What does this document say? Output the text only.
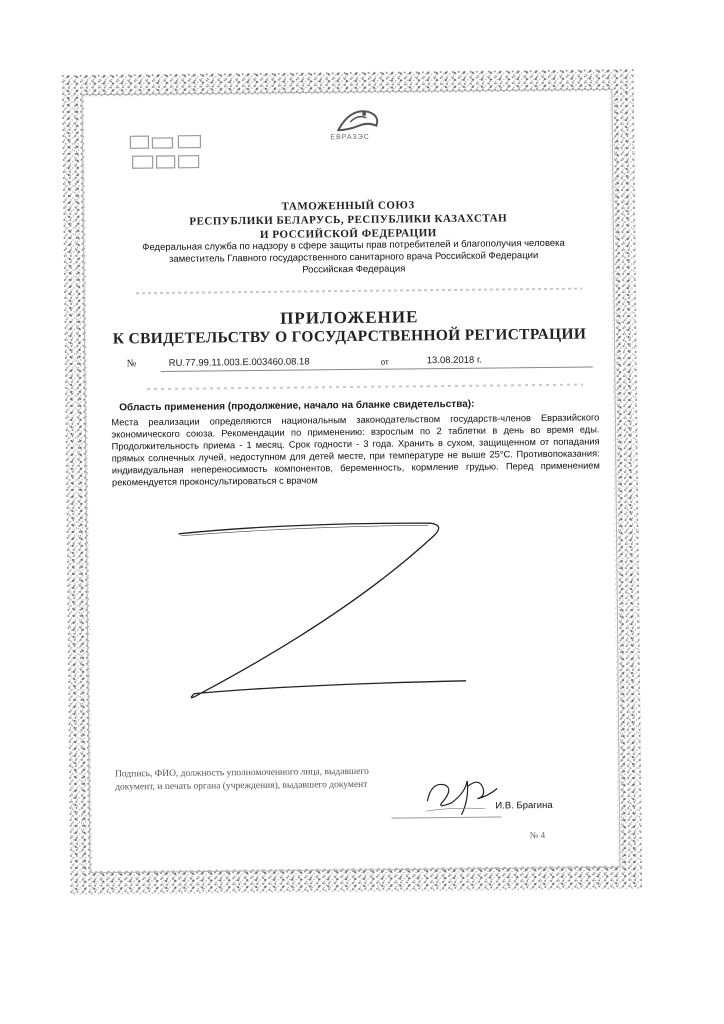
ЕВРАЗЭС
ТАМОЖЕННЫЙ СОЮЗ
РЕСПУБЛИКИ БЕЛАРУСЬ, РЕСПУБЛИКИ КАЗАХСТАН
И РОССИЙСКОЙ ФЕДЕРАЦИИ
Федеральная служба по надзору в сфере защиты прав потребителей и благополучия человека
заместитель Главного государственного санитарного врача Российской Федерации
Российская Федерация
ПРИЛОЖЕНИЕ
К СВИДЕТЕЛЬСТВУ О ГОСУДАРСТВЕННОЙ РЕГИСТРАЦИИ
№	RU.77.99.11.003.E.003460.08.18	от	13.08.2018 г.
Область применения (продолжение, начало на бланке свидетельства):
Места реализации определяются национальным законодательством государств-членов Евразийского экономического союза. Рекомендации по применению: взрослым по 2 таблетки в день во время еды. Продолжительность приема - 1 месяц. Срок годности - 3 года. Хранить в сухом, защищенном от попадания прямых солнечных лучей, недоступном для детей месте, при температуре не выше 25°С. Противопоказания: индивидуальная непереносимость компонентов, беременность, кормление грудью. Перед применением рекомендуется проконсультироваться с врачом
Подпись, ФИО, должность уполномоченного лица, выдавшего документ, и печать органа (учреждения), выдавшего документ
И.В. Брагина
№ 4
